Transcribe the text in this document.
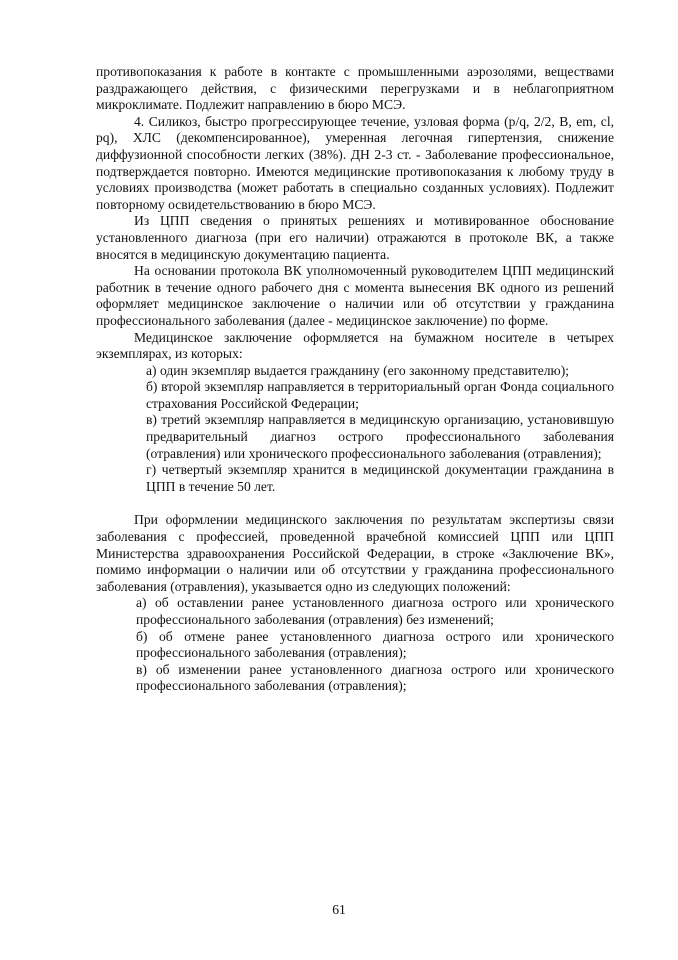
противопоказания к работе в контакте с промышленными аэрозолями, веществами раздражающего действия, с физическими перегрузками и в неблагоприятном микроклимате. Подлежит направлению в бюро МСЭ.

4. Силикоз, быстро прогрессирующее течение, узловая форма (p/q, 2/2, B, em, cl, pq), ХЛС (декомпенсированное), умеренная легочная гипертензия, снижение диффузионной способности легких (38%). ДН 2-3 ст. - Заболевание профессиональное, подтверждается повторно. Имеются медицинские противопоказания к любому труду в условиях производства (может работать в специально созданных условиях). Подлежит повторному освидетельствованию в бюро МСЭ.

Из ЦПП сведения о принятых решениях и мотивированное обоснование установленного диагноза (при его наличии) отражаются в протоколе ВК, а также вносятся в медицинскую документацию пациента.

На основании протокола ВК уполномоченный руководителем ЦПП медицинский работник в течение одного рабочего дня с момента вынесения ВК одного из решений оформляет медицинское заключение о наличии или об отсутствии у гражданина профессионального заболевания (далее - медицинское заключение) по форме.

Медицинское заключение оформляется на бумажном носителе в четырех экземплярах, из которых:

а) один экземпляр выдается гражданину (его законному представителю);

б) второй экземпляр направляется в территориальный орган Фонда социального страхования Российской Федерации;

в) третий экземпляр направляется в медицинскую организацию, установившую предварительный диагноз острого профессионального заболевания (отравления) или хронического профессионального заболевания (отравления);

г) четвертый экземпляр хранится в медицинской документации гражданина в ЦПП в течение 50 лет.

При оформлении медицинского заключения по результатам экспертизы связи заболевания с профессией, проведенной врачебной комиссией ЦПП или ЦПП Министерства здравоохранения Российской Федерации, в строке «Заключение ВК», помимо информации о наличии или об отсутствии у гражданина профессионального заболевания (отравления), указывается одно из следующих положений:

а) об оставлении ранее установленного диагноза острого или хронического профессионального заболевания (отравления) без изменений;

б) об отмене ранее установленного диагноза острого или хронического профессионального заболевания (отравления);

в) об изменении ранее установленного диагноза острого или хронического профессионального заболевания (отравления);

61
